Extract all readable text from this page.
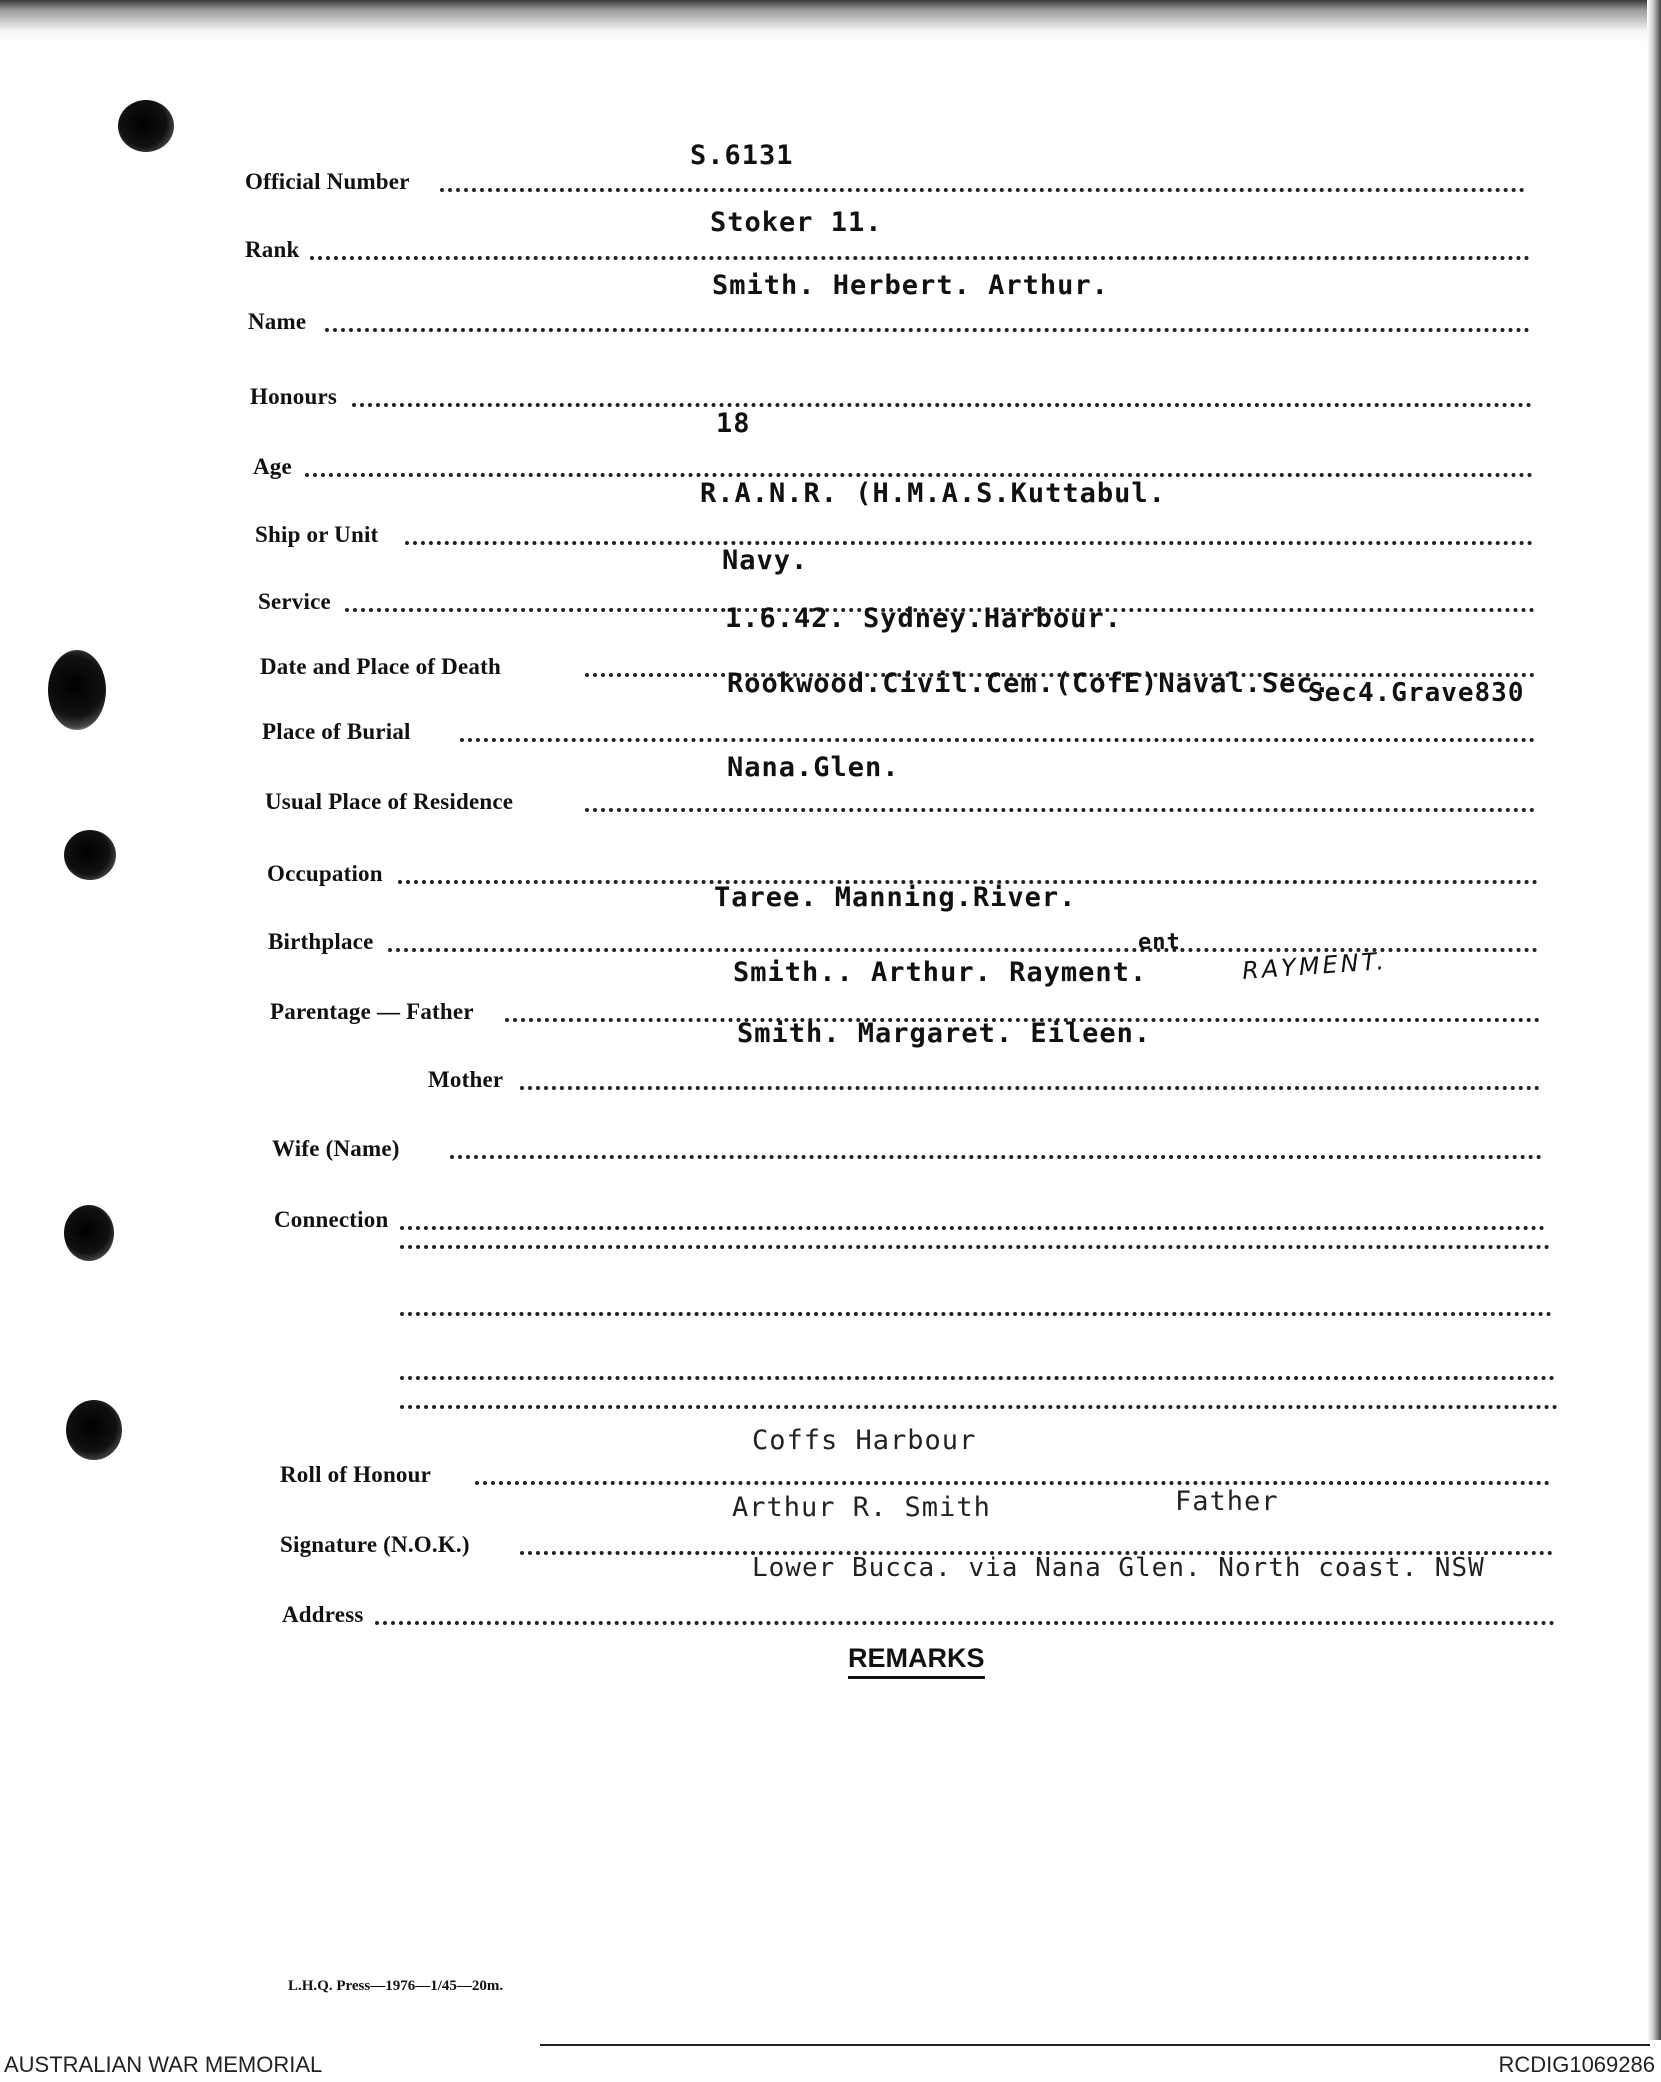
Official Number
S.6131
Rank
Stoker 11.
Name
Smith. Herbert. Arthur.
Honours
Age
18
Ship or Unit
R.A.N.R. (H.M.A.S.Kuttabul.
Service
Navy.
Date and Place of Death
1.6.42. Sydney.Harbour.
Place of Burial
Rookwood.Civil.Cem.(CofE)Naval.Sec.
Sec4.Grave830
Usual Place of Residence
Nana.Glen.
Occupation
Birthplace
Taree. Manning.River.
Parentage — Father
Smith.. Arthur. Rayment.
ent
RAYMENT.
Mother
Smith. Margaret. Eileen.
Wife (Name)
Connection
Roll of Honour
Coffs Harbour
Signature (N.O.K.)
Arthur R. Smith	Father
Address
Lower Bucca. via Nana Glen. North coast. NSW
REMARKS
L.H.Q. Press—1976—1/45—20m.
AUSTRALIAN WAR MEMORIAL	RCDIG1069286
